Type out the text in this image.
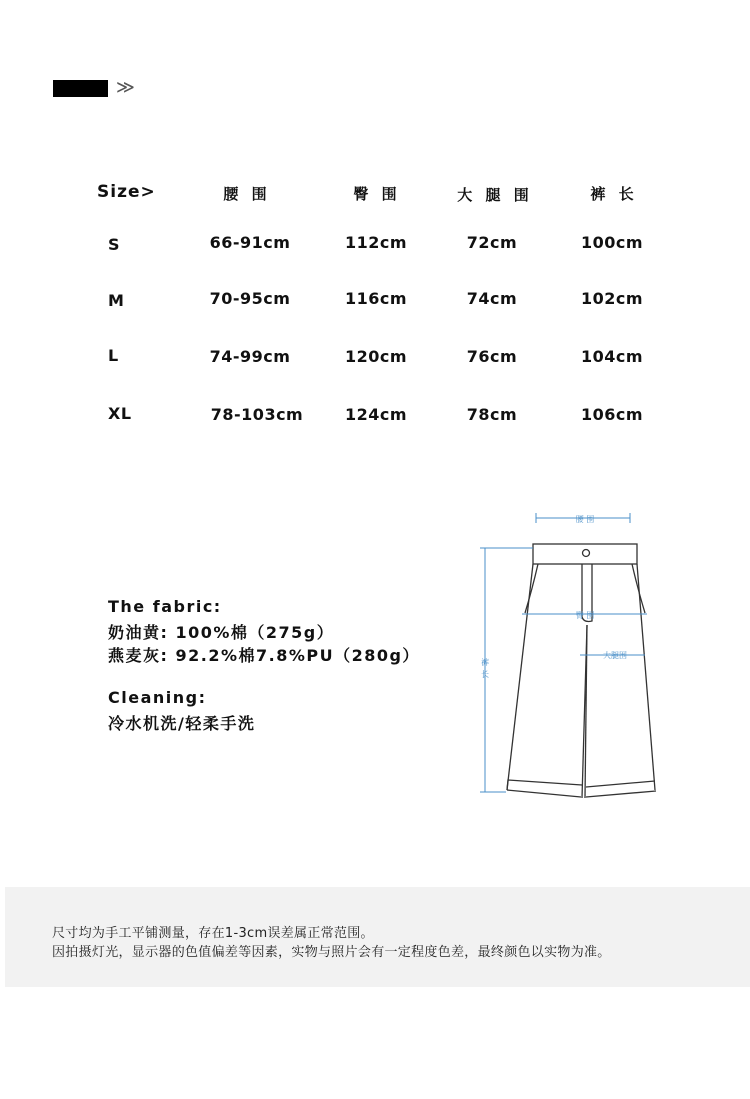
≫
Size>	腰 围	臀 围	大 腿 围	裤 长
S	66-91cm	112cm	72cm	100cm
M	70-95cm	116cm	74cm	102cm
L	74-99cm	120cm	76cm	104cm
XL	78-103cm	124cm	78cm	106cm
The fabric:
奶油黄: 100%棉（275g）
燕麦灰: 92.2%棉7.8%PU（280g）
Cleaning:
冷水机洗/轻柔手洗
腰 围
臀 围
大腿围
裤
长
尺寸均为手工平铺测量，存在1-3cm误差属正常范围。
因拍摄灯光，显示器的色值偏差等因素，实物与照片会有一定程度色差，最终颜色以实物为准。
